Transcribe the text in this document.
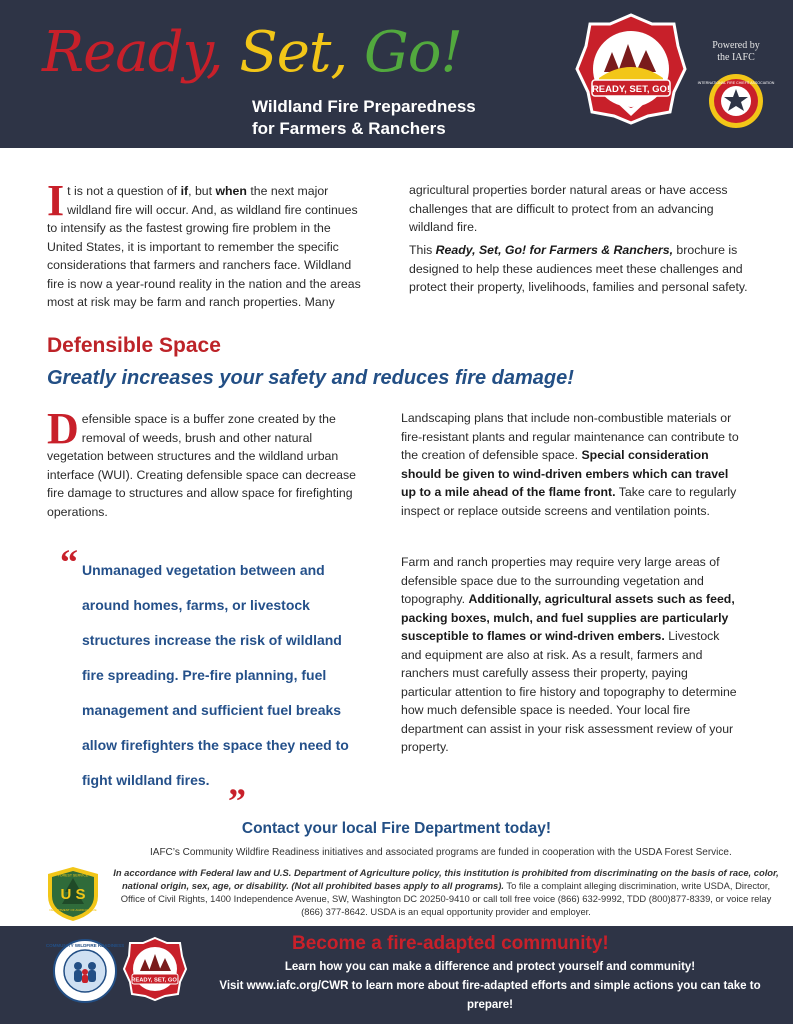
Ready, Set, Go!
Wildland Fire Preparedness
for Farmers & Ranchers
READY, SET, GO!
Powered by the IAFC
INTERNATIONAL FIRE CHIEFS ASSOCIATION
It is not a question of if, but when the next major wildland fire will occur. And, as wildland fire continues to intensify as the fastest growing fire problem in the United States, it is important to remember the specific considerations that farmers and ranchers face. Wildland fire is now a year-round reality in the nation and the areas most at risk may be farm and ranch properties. Many
agricultural properties border natural areas or have access challenges that are difficult to protect from an advancing wildland fire.
This Ready, Set, Go! for Farmers & Ranchers, brochure is designed to help these audiences meet these challenges and protect their property, livelihoods, families and personal safety.
Defensible Space
Greatly increases your safety and reduces fire damage!
Defensible space is a buffer zone created by the removal of weeds, brush and other natural vegetation between structures and the wildland urban interface (WUI). Creating defensible space can decrease fire damage to structures and allow space for firefighting operations.
“ Unmanaged vegetation between and around homes, farms, or livestock structures increase the risk of wildland fire spreading. Pre-fire planning, fuel management and sufficient fuel breaks allow firefighters the space they need to fight wildland fires.

”
Landscaping plans that include non-combustible materials or fire-resistant plants and regular maintenance can contribute to the creation of defensible space. Special consideration should be given to wind-driven embers which can travel up to a mile ahead of the flame front. Take care to regularly inspect or replace outside screens and ventilation points.
Farm and ranch properties may require very large areas of defensible space due to the surrounding vegetation and topography. Additionally, agricultural assets such as feed, packing boxes, mulch, and fuel supplies are particularly susceptible to flames or wind-driven embers. Livestock and equipment are also at risk. As a result, farmers and ranchers must carefully assess their property, paying particular attention to fire history and topography to determine how much defensible space is needed. Your local fire department can assist in your risk assessment review of your property.
Contact your local Fire Department today!
IAFC’s Community Wildfire Readiness initiatives and associated programs are funded in cooperation with the USDA Forest Service.
FOREST SERVICE
U S
DEPARTMENT OF AGRICULTURE

In accordance with Federal law and U.S. Department of Agriculture policy, this institution is prohibited from discriminating on the basis of race, color, national origin, sex, age, or disability. (Not all prohibited bases apply to all programs). To file a complaint alleging discrimination, write USDA, Director, Office of Civil Rights, 1400 Independence Avenue, SW, Washington DC 20250-9410 or call toll free voice (866) 632-9992, TDD (800)877-8339, or voice relay (866) 377-8642. USDA is an equal opportunity provider and employer.

COMMUNITY WILDFIRE READINESS
READY, SET, GO!
Become a fire-adapted community!

Learn how you can make a difference and protect yourself and community!
Visit www.iafc.org/CWR to learn more about fire-adapted efforts and simple actions you can take to prepare!
